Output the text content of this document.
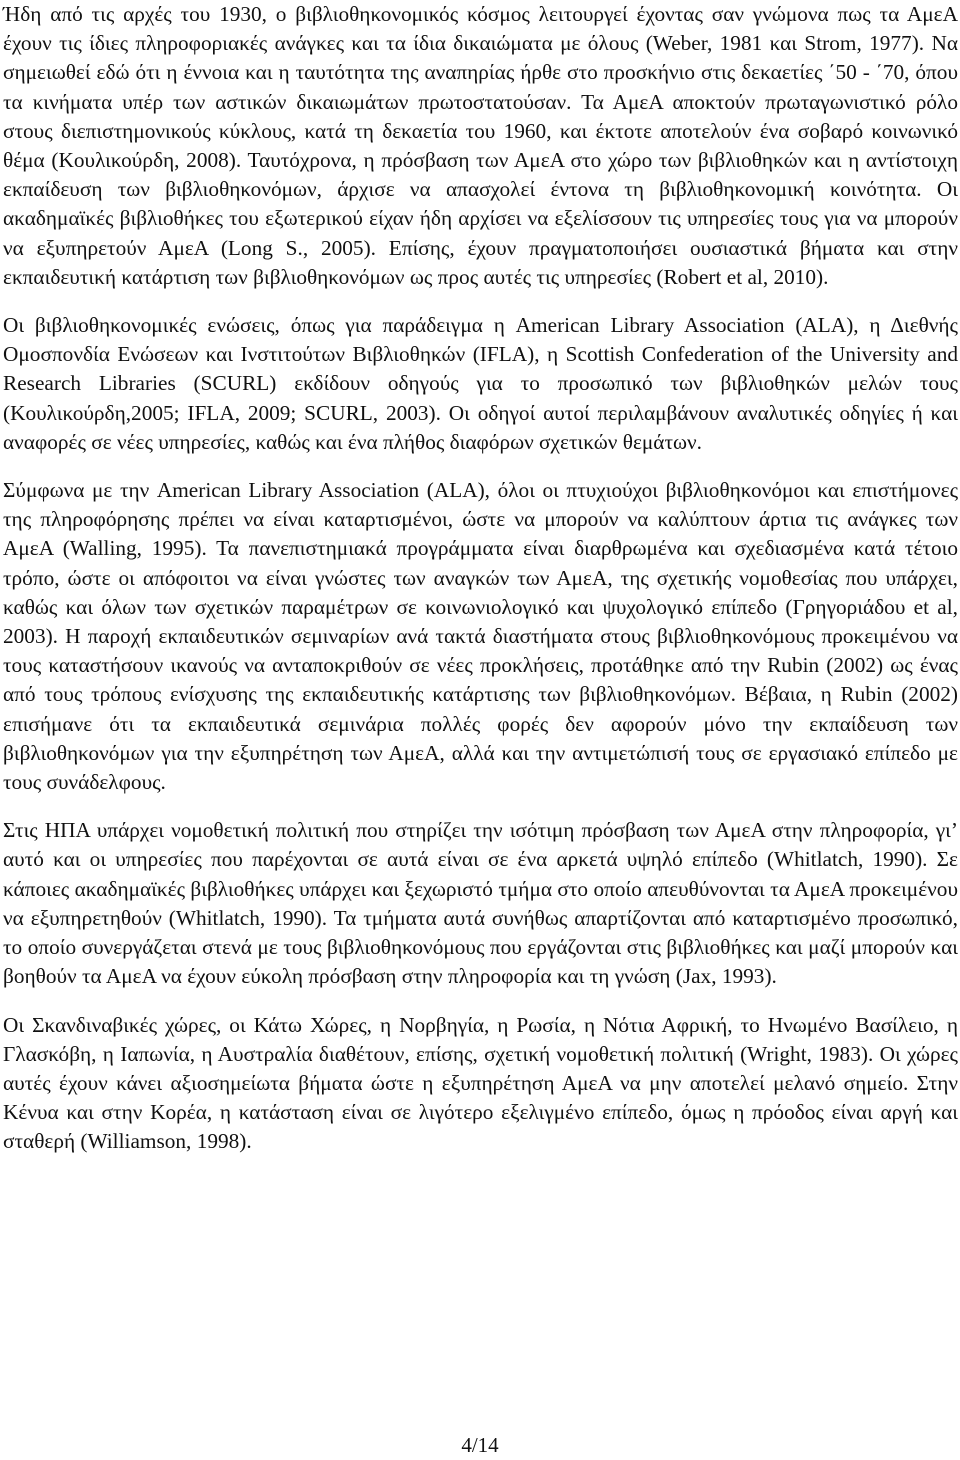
Ήδη από τις αρχές του 1930, ο βιβλιοθηκονομικός κόσμος λειτουργεί έχοντας σαν γνώμονα πως τα ΑμεΑ έχουν τις ίδιες πληροφοριακές ανάγκες και τα ίδια δικαιώματα με όλους (Weber, 1981 και Strom, 1977). Να σημειωθεί εδώ ότι η έννοια και η ταυτότητα της αναπηρίας ήρθε στο προσκήνιο στις δεκαετίες ΄50 - ΄70, όπου τα κινήματα υπέρ των αστικών δικαιωμάτων πρωτοστατούσαν. Τα ΑμεΑ αποκτούν πρωταγωνιστικό ρόλο στους διεπιστημονικούς κύκλους, κατά τη δεκαετία του 1960, και έκτοτε αποτελούν ένα σοβαρό κοινωνικό θέμα (Κουλικούρδη, 2008). Ταυτόχρονα, η πρόσβαση των ΑμεΑ στο χώρο των βιβλιοθηκών και η αντίστοιχη εκπαίδευση των βιβλιοθηκονόμων, άρχισε να απασχολεί έντονα τη βιβλιοθηκονομική κοινότητα. Οι ακαδημαϊκές βιβλιοθήκες του εξωτερικού είχαν ήδη αρχίσει να εξελίσσουν τις υπηρεσίες τους για να μπορούν να εξυπηρετούν ΑμεΑ (Long S., 2005). Επίσης, έχουν πραγματοποιήσει ουσιαστικά βήματα και στην εκπαιδευτική κατάρτιση των βιβλιοθηκονόμων ως προς αυτές τις υπηρεσίες (Robert et al, 2010).

Οι βιβλιοθηκονομικές ενώσεις, όπως για παράδειγμα η American Library Association (ALA), η Διεθνής Ομοσπονδία Ενώσεων και Ινστιτούτων Βιβλιοθηκών (IFLA), η Scottish Confederation of the University and Research Libraries (SCURL) εκδίδουν οδηγούς για το προσωπικό των βιβλιοθηκών μελών τους (Κουλικούρδη,2005; IFLA, 2009; SCURL, 2003). Οι οδηγοί αυτοί περιλαμβάνουν αναλυτικές οδηγίες ή και αναφορές σε νέες υπηρεσίες, καθώς και ένα πλήθος διαφόρων σχετικών θεμάτων.

Σύμφωνα με την American Library Association (ALA), όλοι οι πτυχιούχοι βιβλιοθηκονόμοι και επιστήμονες της πληροφόρησης πρέπει να είναι καταρτισμένοι, ώστε να μπορούν να καλύπτουν άρτια τις ανάγκες των ΑμεΑ (Walling, 1995). Τα πανεπιστημιακά προγράμματα είναι διαρθρωμένα και σχεδιασμένα κατά τέτοιο τρόπο, ώστε οι απόφοιτοι να είναι γνώστες των αναγκών των ΑμεΑ, της σχετικής νομοθεσίας που υπάρχει, καθώς και όλων των σχετικών παραμέτρων σε κοινωνιολογικό και ψυχολογικό επίπεδο (Γρηγοριάδου et al, 2003). Η παροχή εκπαιδευτικών σεμιναρίων ανά τακτά διαστήματα στους βιβλιοθηκονόμους προκειμένου να τους καταστήσουν ικανούς να ανταποκριθούν σε νέες προκλήσεις, προτάθηκε από την Rubin (2002) ως ένας από τους τρόπους ενίσχυσης της εκπαιδευτικής κατάρτισης των βιβλιοθηκονόμων. Βέβαια, η Rubin (2002) επισήμανε ότι τα εκπαιδευτικά σεμινάρια πολλές φορές δεν αφορούν μόνο την εκπαίδευση των βιβλιοθηκονόμων για την εξυπηρέτηση των ΑμεΑ, αλλά και την αντιμετώπισή τους σε εργασιακό επίπεδο με τους συνάδελφους.

Στις ΗΠΑ υπάρχει νομοθετική πολιτική που στηρίζει την ισότιμη πρόσβαση των ΑμεΑ στην πληροφορία, γι’ αυτό και οι υπηρεσίες που παρέχονται σε αυτά είναι σε ένα αρκετά υψηλό επίπεδο (Whitlatch, 1990). Σε κάποιες ακαδημαϊκές βιβλιοθήκες υπάρχει και ξεχωριστό τμήμα στο οποίο απευθύνονται τα ΑμεΑ προκειμένου να εξυπηρετηθούν (Whitlatch, 1990). Τα τμήματα αυτά συνήθως απαρτίζονται από καταρτισμένο προσωπικό, το οποίο συνεργάζεται στενά με τους βιβλιοθηκονόμους που εργάζονται στις βιβλιοθήκες και μαζί μπορούν και βοηθούν τα ΑμεΑ να έχουν εύκολη πρόσβαση στην πληροφορία και τη γνώση (Jax, 1993).

Οι Σκανδιναβικές χώρες, οι Κάτω Χώρες, η Νορβηγία, η Ρωσία, η Νότια Αφρική, το Ηνωμένο Βασίλειο, η Γλασκόβη, η Ιαπωνία, η Αυστραλία διαθέτουν, επίσης, σχετική νομοθετική πολιτική (Wright, 1983). Οι χώρες αυτές έχουν κάνει αξιοσημείωτα βήματα ώστε η εξυπηρέτηση ΑμεΑ να μην αποτελεί μελανό σημείο. Στην Κένυα και στην Κορέα, η κατάσταση είναι σε λιγότερο εξελιγμένο επίπεδο, όμως η πρόοδος είναι αργή και σταθερή (Williamson, 1998).

4/14
